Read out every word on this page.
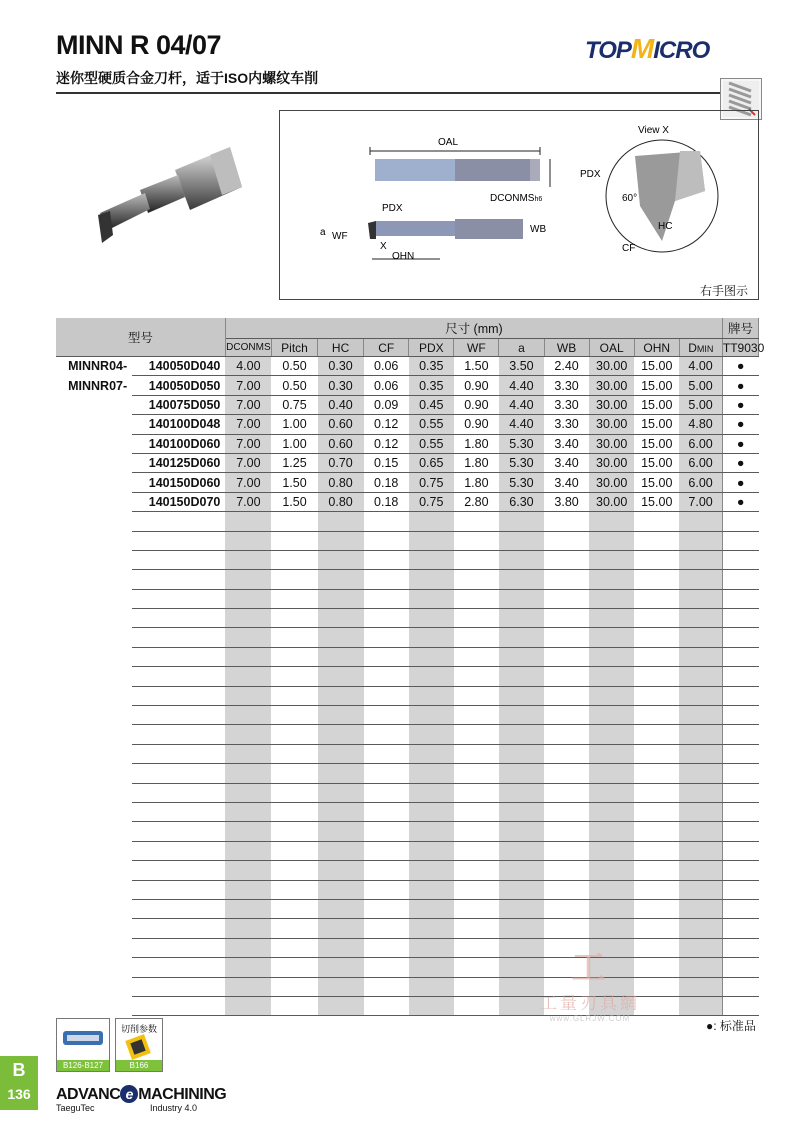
MINN R 04/07
迷你型硬质合金刀杆，适于ISO内螺纹车削
TOPMICRO
OAL
DCONMSh6
PDX
a WF
X
OHN
WB
View X
PDX
60°
HC
CF
右手图示
型号		尺寸 (mm)											牌号
		DCONMS	Pitch	HC	CF	PDX	WF	a	WB	OAL	OHN	DMIN	TT9030
MINNR04-	140050D040	4.00	0.50	0.30	0.06	0.35	1.50	3.50	2.40	30.00	15.00	4.00	●
MINNR07-	140050D050	7.00	0.50	0.30	0.06	0.35	0.90	4.40	3.30	30.00	15.00	5.00	●
	140075D050	7.00	0.75	0.40	0.09	0.45	0.90	4.40	3.30	30.00	15.00	5.00	●
	140100D048	7.00	1.00	0.60	0.12	0.55	0.90	4.40	3.30	30.00	15.00	4.80	●
	140100D060	7.00	1.00	0.60	0.12	0.55	1.80	5.30	3.40	30.00	15.00	6.00	●
	140125D060	7.00	1.25	0.70	0.15	0.65	1.80	5.30	3.40	30.00	15.00	6.00	●
	140150D060	7.00	1.50	0.80	0.18	0.75	1.80	5.30	3.40	30.00	15.00	6.00	●
	140150D070	7.00	1.50	0.80	0.18	0.75	2.80	6.30	3.80	30.00	15.00	7.00	●

●: 标准品
工
工量刃具網
www.GLRJW.COM
B126-B127
切削参数
B166
B
136	ADVANC e MACHINING
TaeguTec	Industry 4.0
